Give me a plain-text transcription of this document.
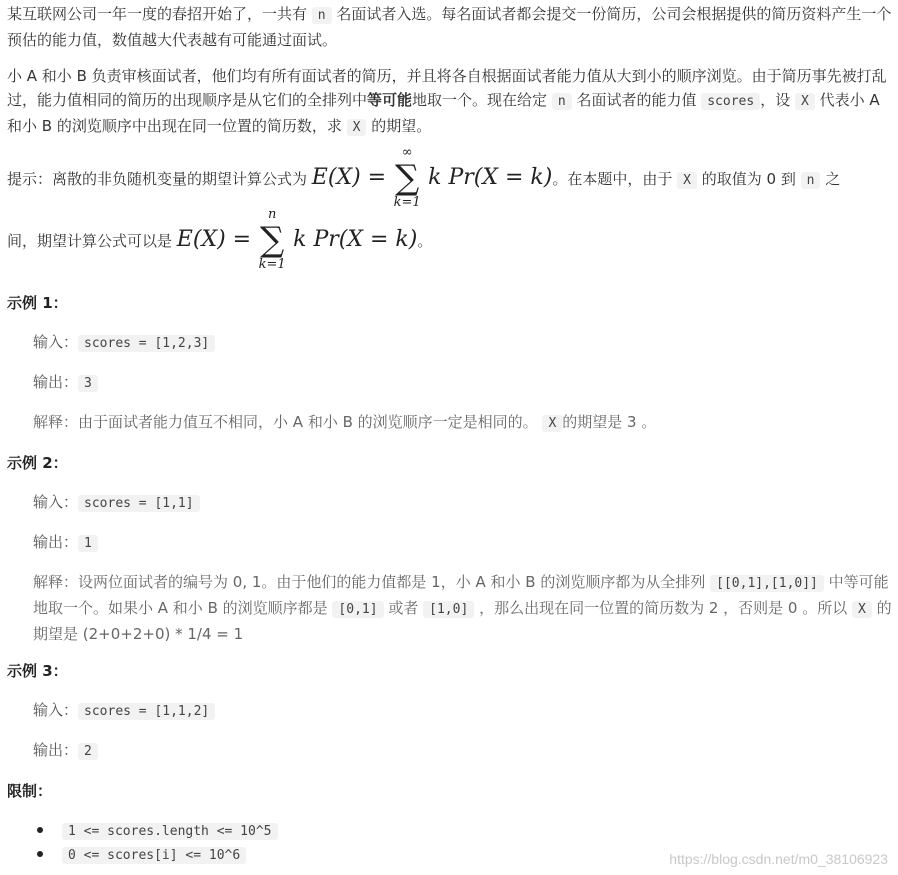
某互联网公司一年一度的春招开始了，一共有 n 名面试者入选。每名面试者都会提交一份简历，公司会根据提供的简历资料产生一个预估的能力值，数值越大代表越有可能通过面试。

小 A 和小 B 负责审核面试者，他们均有所有面试者的简历，并且将各自根据面试者能力值从大到小的顺序浏览。由于简历事先被打乱过，能力值相同的简历的出现顺序是从它们的全排列中等可能地取一个。现在给定 n 名面试者的能力值 scores ，设 X 代表小 A 和小 B 的浏览顺序中出现在同一位置的简历数，求 X 的期望。

提示：离散的非负随机变量的期望计算公式为 E(X) =
∞
∑
k=1
k Pr(X = k)。在本题中，由于 X 的取值为 0 到 n 之

间，期望计算公式可以是 E(X) =
n
∑
k=1
k Pr(X = k)。

示例 1：
输入： scores = [1,2,3]
输出： 3
解释：由于面试者能力值互不相同，小 A 和小 B 的浏览顺序一定是相同的。 X 的期望是 3 。
示例 2：
输入： scores = [1,1]
输出： 1
解释：设两位面试者的编号为 0, 1。由于他们的能力值都是 1，小 A 和小 B 的浏览顺序都为从全排列 [[0,1],[1,0]] 中等可能地取一个。如果小 A 和小 B 的浏览顺序都是 [0,1] 或者 [1,0] ，那么出现在同一位置的简历数为 2 ，否则是 0 。所以 X 的期望是 (2+0+2+0) * 1/4 = 1
示例 3：
输入： scores = [1,1,2]
输出： 2
限制：
1 <= scores.length <= 10^5
0 <= scores[i] <= 10^6	https://blog.csdn.net/m0_38106923
